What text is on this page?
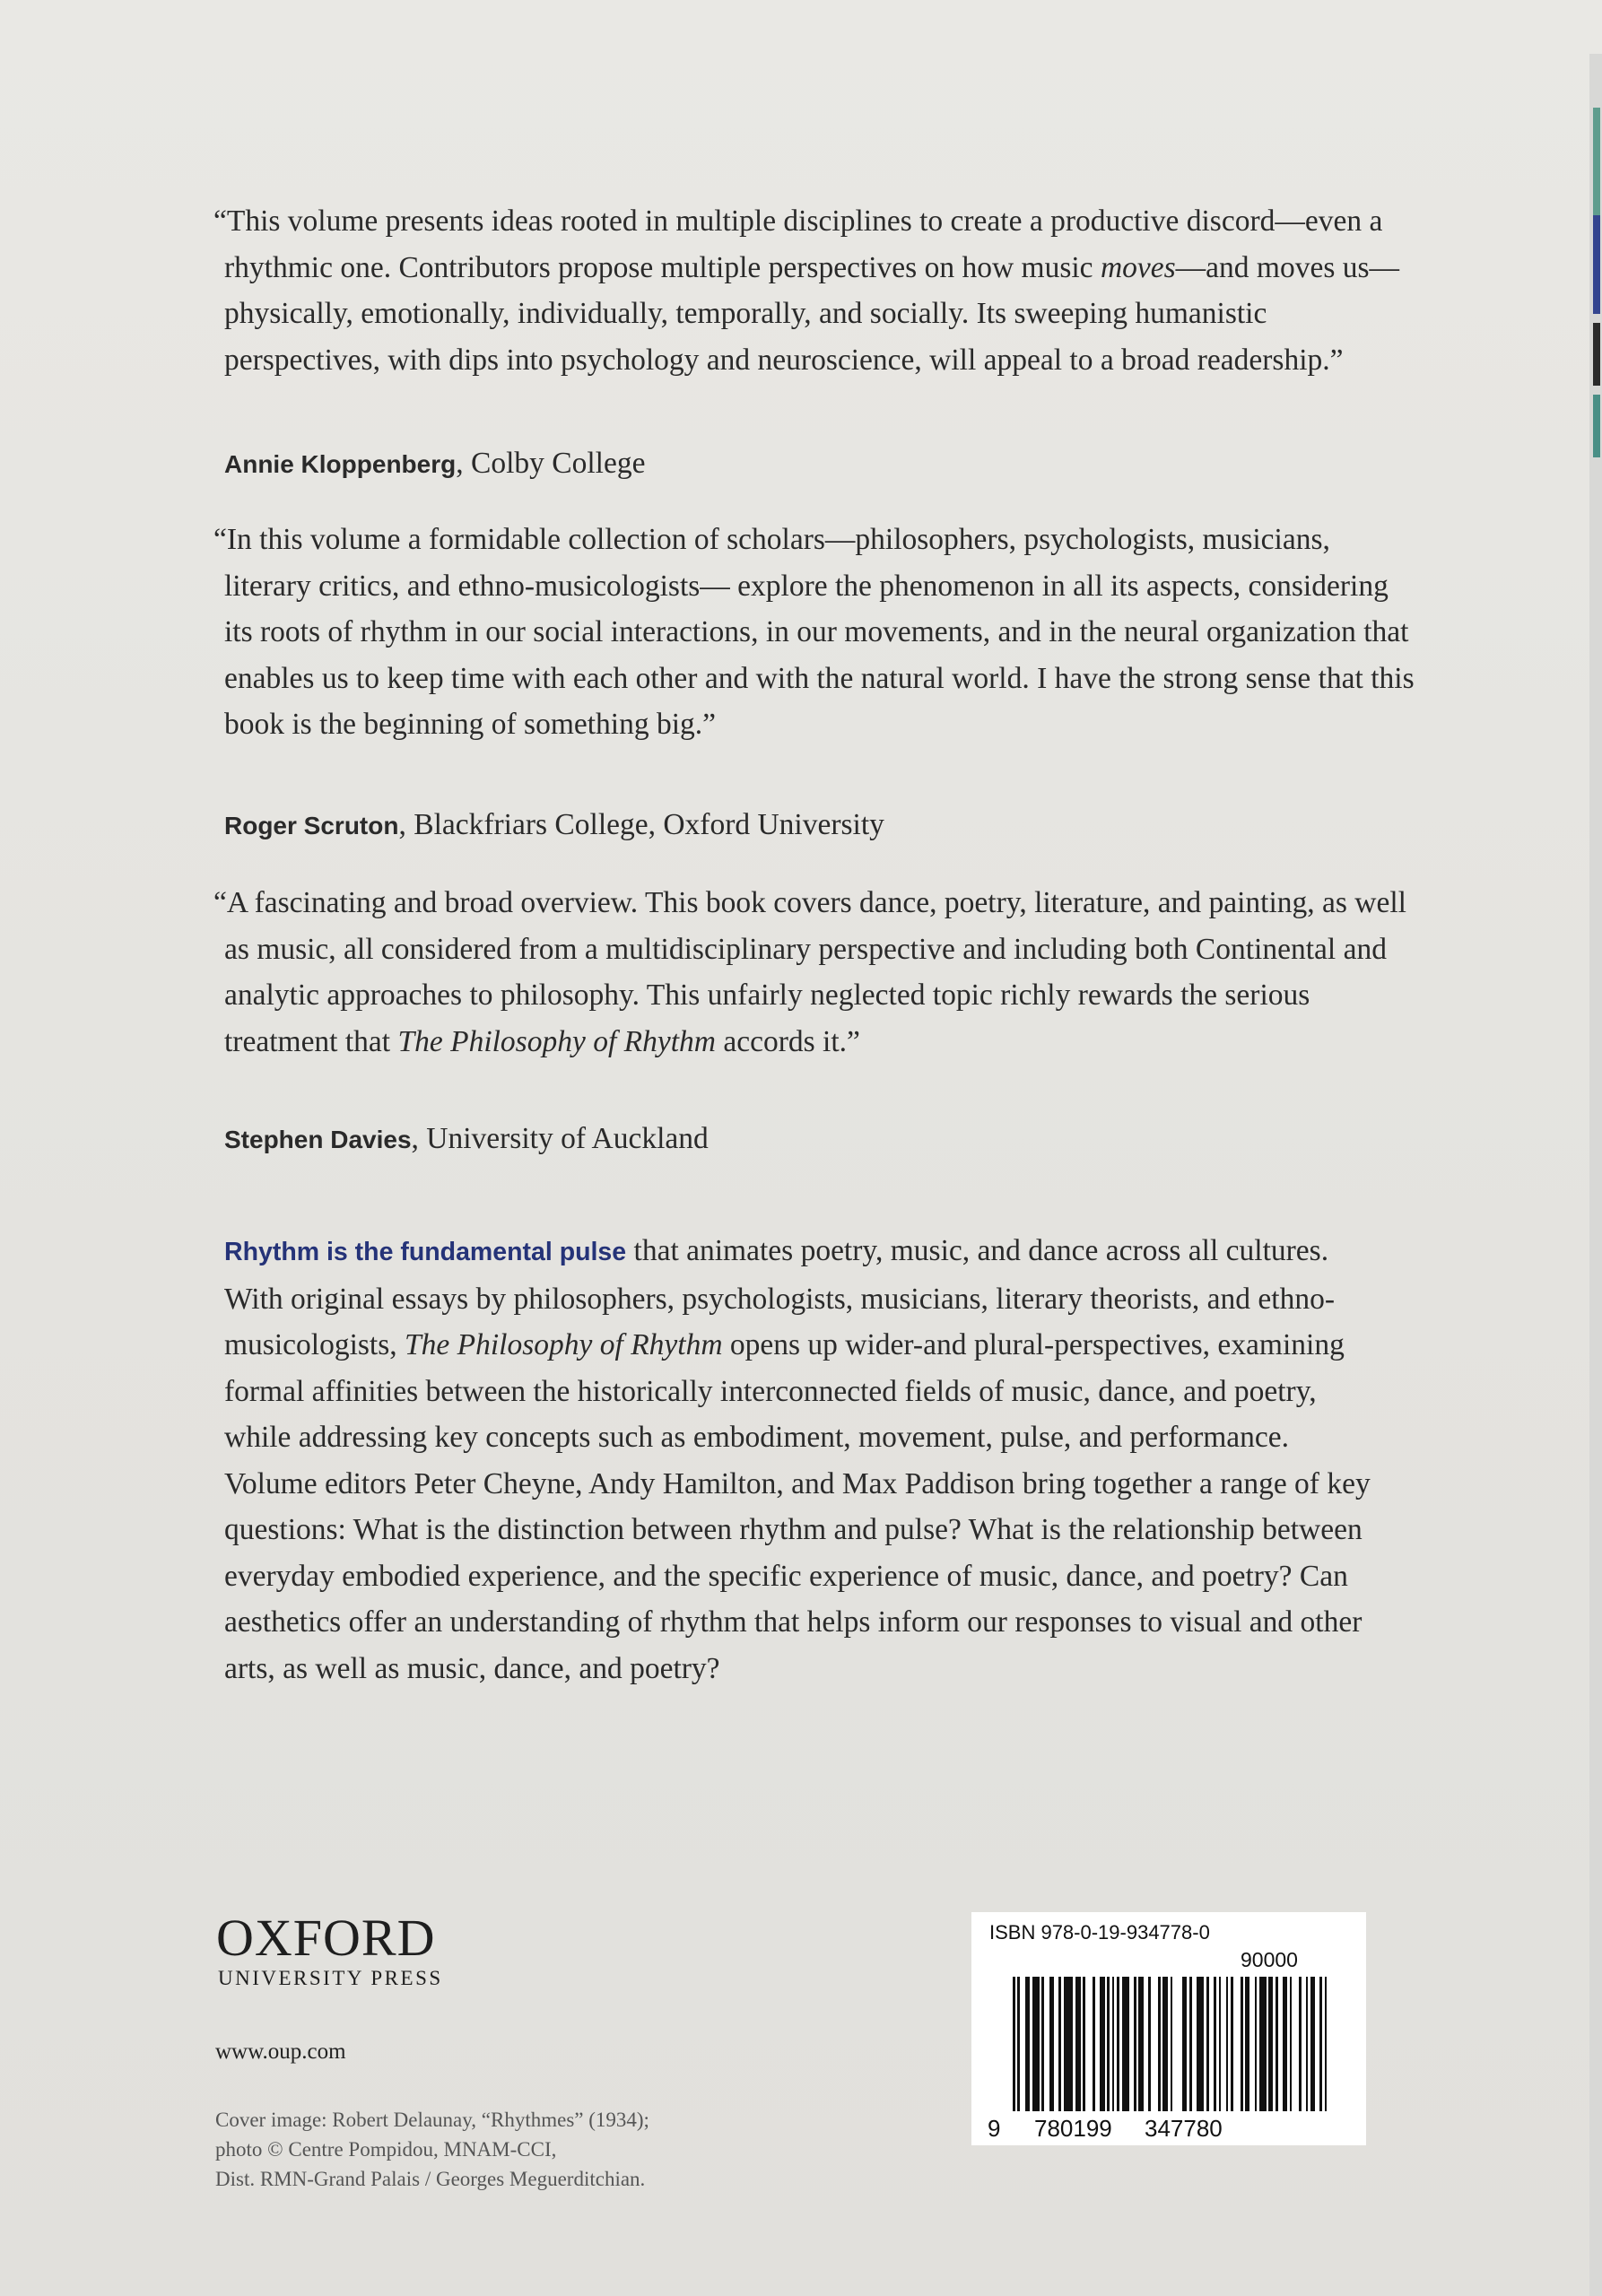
“This volume presents ideas rooted in multiple disciplines to create a productive discord—even a rhythmic one. Contributors propose multiple perspectives on how music moves—and moves us—physically, emotionally, individually, temporally, and socially. Its sweeping humanistic perspectives, with dips into psychology and neuroscience, will appeal to a broad readership.”
Annie Kloppenberg, Colby College
“In this volume a formidable collection of scholars—philosophers, psychologists, musicians, literary critics, and ethno-musicologists— explore the phenomenon in all its aspects, considering its roots of rhythm in our social interactions, in our movements, and in the neural organization that enables us to keep time with each other and with the natural world. I have the strong sense that this book is the beginning of something big.”
Roger Scruton, Blackfriars College, Oxford University
“A fascinating and broad overview. This book covers dance, poetry, literature, and painting, as well as music, all considered from a multidisciplinary perspective and including both Continental and analytic approaches to philosophy. This unfairly neglected topic richly rewards the serious treatment that The Philosophy of Rhythm accords it.”
Stephen Davies, University of Auckland
Rhythm is the fundamental pulse that animates poetry, music, and dance across all cultures. With original essays by philosophers, psychologists, musicians, literary theorists, and ethno-musicologists, The Philosophy of Rhythm opens up wider-and plural-perspectives, examining formal affinities between the historically interconnected fields of music, dance, and poetry, while addressing key concepts such as embodiment, movement, pulse, and performance. Volume editors Peter Cheyne, Andy Hamilton, and Max Paddison bring together a range of key questions: What is the distinction between rhythm and pulse? What is the relationship between everyday embodied experience, and the specific experience of music, dance, and poetry? Can aesthetics offer an understanding of rhythm that helps inform our responses to visual and other arts, as well as music, dance, and poetry?
OXFORD
UNIVERSITY PRESS
www.oup.com
Cover image: Robert Delaunay, “Rhythmes” (1934);
photo © Centre Pompidou, MNAM-CCI,
Dist. RMN-Grand Palais / Georges Meguerditchian.
ISBN 978-0-19-934778-0
90000
9 780199 347780
